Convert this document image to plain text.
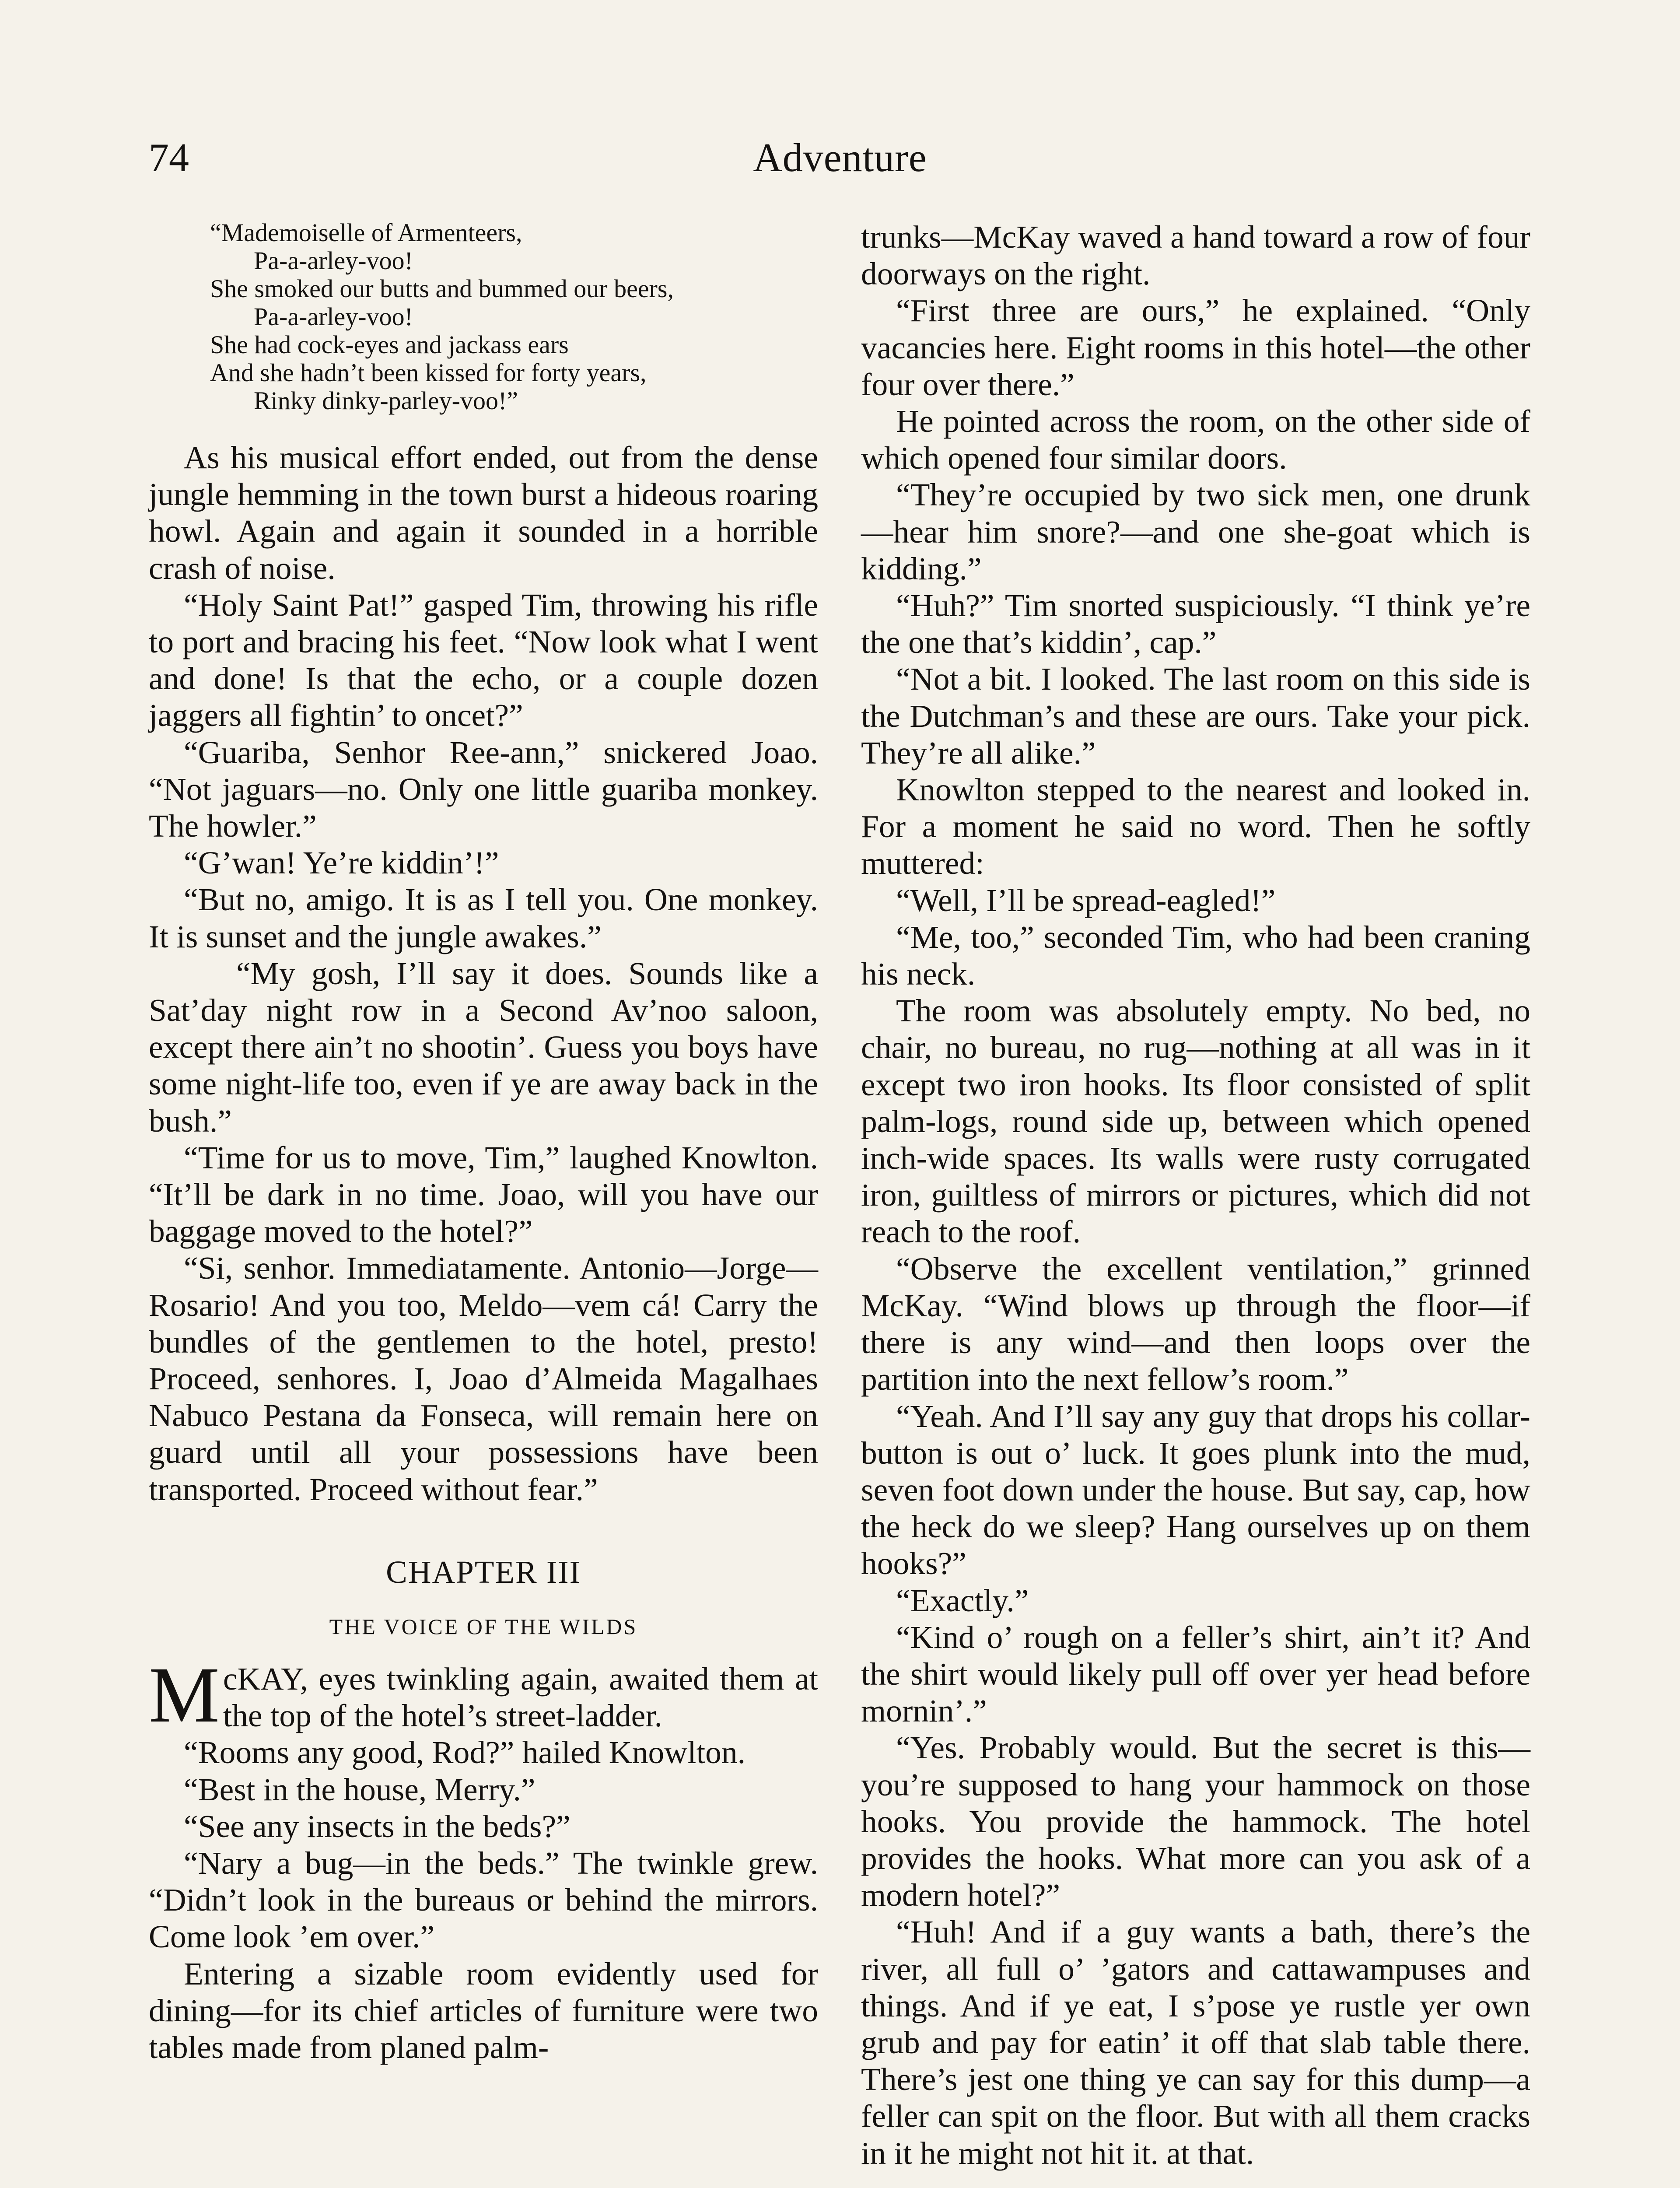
74	Adventure
“Mademoiselle of Armenteers,
Pa-a-arley-voo!
She smoked our butts and bummed our beers,
Pa-a-arley-voo!
She had cock-eyes and jackass ears
And she hadn’t been kissed for forty years,
Rinky dinky-parley-voo!”

As his musical effort ended, out from the dense jungle hemming in the town burst a hideous roaring howl. Again and again it sounded in a horrible crash of noise.

“Holy Saint Pat!” gasped Tim, throwing his rifle to port and bracing his feet. “Now look what I went and done! Is that the echo, or a couple dozen jaggers all fightin’ to oncet?”

“Guariba, Senhor Ree-ann,” snickered Joao. “Not jaguars—no. Only one little guariba monkey. The howler.”

“G’wan! Ye’re kiddin’!”

“But no, amigo. It is as I tell you. One monkey. It is sunset and the jungle awakes.”

“My gosh, I’ll say it does. Sounds like a Sat’day night row in a Second Av’noo saloon, except there ain’t no shootin’. Guess you boys have some night-life too, even if ye are away back in the bush.”

“Time for us to move, Tim,” laughed Knowlton. “It’ll be dark in no time. Joao, will you have our baggage moved to the hotel?”

“Si, senhor. Immediatamente. Antonio—Jorge—Rosario! And you too, Meldo—vem cá! Carry the bundles of the gentlemen to the hotel, presto! Proceed, senhores. I, Joao d’Almeida Magalhaes Nabuco Pestana da Fonseca, will remain here on guard until all your possessions have been transported. Proceed without fear.”

CHAPTER III
THE VOICE OF THE WILDS

McKAY, eyes twinkling again, awaited them at the top of the hotel’s street-ladder.

“Rooms any good, Rod?” hailed Knowlton.

“Best in the house, Merry.”

“See any insects in the beds?”

“Nary a bug—in the beds.” The twinkle grew. “Didn’t look in the bureaus or behind the mirrors. Come look ’em over.”

Entering a sizable room evidently used for dining—for its chief articles of furniture were two tables made from planed palm-

trunks—McKay waved a hand toward a row of four doorways on the right.

“First three are ours,” he explained. “Only vacancies here. Eight rooms in this hotel—the other four over there.”

He pointed across the room, on the other side of which opened four similar doors.

“They’re occupied by two sick men, one drunk—hear him snore?—and one she-goat which is kidding.”

“Huh?” Tim snorted suspiciously. “I think ye’re the one that’s kiddin’, cap.”

“Not a bit. I looked. The last room on this side is the Dutchman’s and these are ours. Take your pick. They’re all alike.”

Knowlton stepped to the nearest and looked in. For a moment he said no word. Then he softly muttered:

“Well, I’ll be spread-eagled!”

“Me, too,” seconded Tim, who had been craning his neck.

The room was absolutely empty. No bed, no chair, no bureau, no rug—nothing at all was in it except two iron hooks. Its floor consisted of split palm-logs, round side up, between which opened inch-wide spaces. Its walls were rusty corrugated iron, guiltless of mirrors or pictures, which did not reach to the roof.

“Observe the excellent ventilation,” grinned McKay. “Wind blows up through the floor—if there is any wind—and then loops over the partition into the next fellow’s room.”

“Yeah. And I’ll say any guy that drops his collar-button is out o’ luck. It goes plunk into the mud, seven foot down under the house. But say, cap, how the heck do we sleep? Hang ourselves up on them hooks?”

“Exactly.”

“Kind o’ rough on a feller’s shirt, ain’t it? And the shirt would likely pull off over yer head before mornin’.”

“Yes. Probably would. But the secret is this—you’re supposed to hang your hammock on those hooks. You provide the hammock. The hotel provides the hooks. What more can you ask of a modern hotel?”

“Huh! And if a guy wants a bath, there’s the river, all full o’ ’gators and cattawampuses and things. And if ye eat, I s’pose ye rustle yer own grub and pay for eatin’ it off that slab table there. There’s jest one thing ye can say for this dump—a feller can spit on the floor. But with all them cracks in it he might not hit it. at that.
